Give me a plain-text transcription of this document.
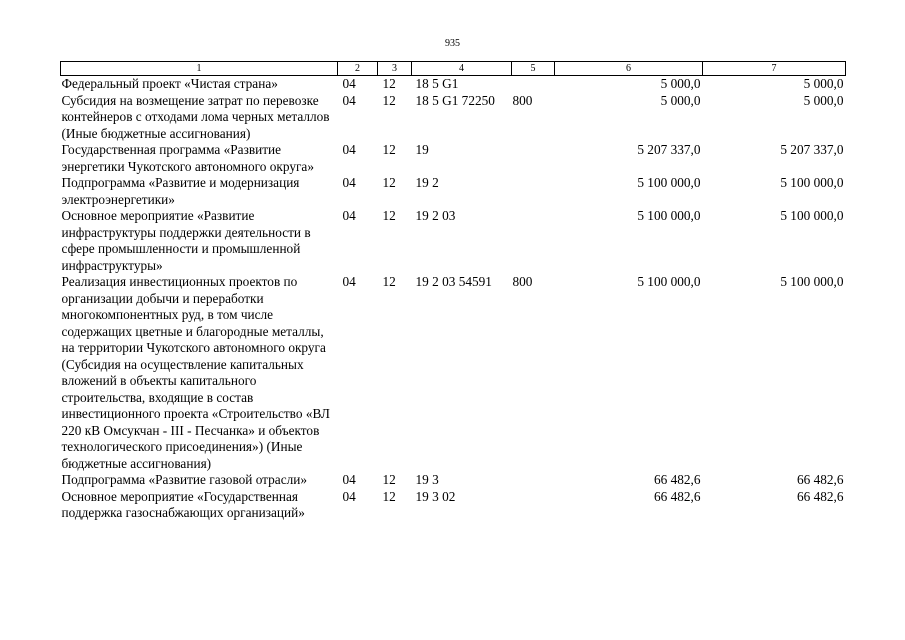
935
1	2	3	4	5	6	7
Федеральный проект «Чистая страна»	04	12	18 5 G1		5 000,0	5 000,0
Субсидия на возмещение затрат по перевозке контейнеров с отходами лома черных металлов (Иные бюджетные ассигнования)	04	12	18 5 G1 72250	800	5 000,0	5 000,0
Государственная программа «Развитие энергетики Чукотского автономного округа»	04	12	19		5 207 337,0	5 207 337,0
Подпрограмма «Развитие и модернизация электроэнергетики»	04	12	19 2		5 100 000,0	5 100 000,0
Основное мероприятие «Развитие инфраструктуры поддержки деятельности в сфере промышленности и промышленной инфраструктуры»	04	12	19 2 03		5 100 000,0	5 100 000,0
Реализация инвестиционных проектов по организации добычи и переработки многокомпонентных руд, в том числе содержащих цветные и благородные металлы, на территории Чукотского автономного округа (Субсидия на осуществление капитальных вложений в объекты капитального строительства, входящие в состав инвестиционного проекта «Строительство «ВЛ 220 кВ Омсукчан - III - Песчанка» и объектов технологического присоединения») (Иные бюджетные ассигнования)	04	12	19 2 03 54591	800	5 100 000,0	5 100 000,0
Подпрограмма «Развитие газовой отрасли»	04	12	19 3		66 482,6	66 482,6
Основное мероприятие «Государственная поддержка газоснабжающих организаций»	04	12	19 3 02		66 482,6	66 482,6
